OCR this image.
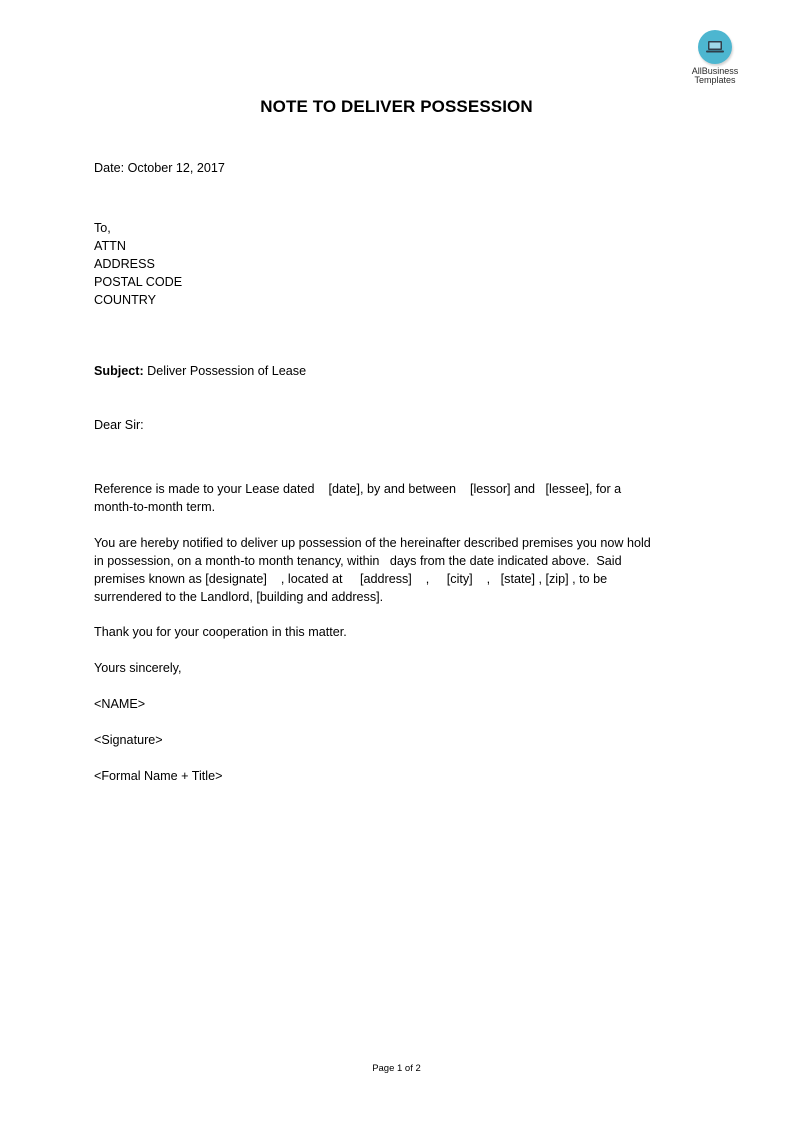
AllBusiness
Templates
NOTE TO DELIVER POSSESSION
Date: October 12, 2017
To,
ATTN
ADDRESS
POSTAL CODE
COUNTRY
Subject: Deliver Possession of Lease
Dear Sir:
Reference is made to your Lease dated    [date], by and between    [lessor] and   [lessee], for a
month-to-month term.
You are hereby notified to deliver up possession of the hereinafter described premises you now hold
in possession, on a month-to month tenancy, within   days from the date indicated above.  Said
premises known as [designate]    , located at     [address]    ,     [city]    ,   [state] , [zip] , to be
surrendered to the Landlord, [building and address].
Thank you for your cooperation in this matter.
Yours sincerely,
<NAME>
<Signature>
<Formal Name + Title>
Page 1 of 2
